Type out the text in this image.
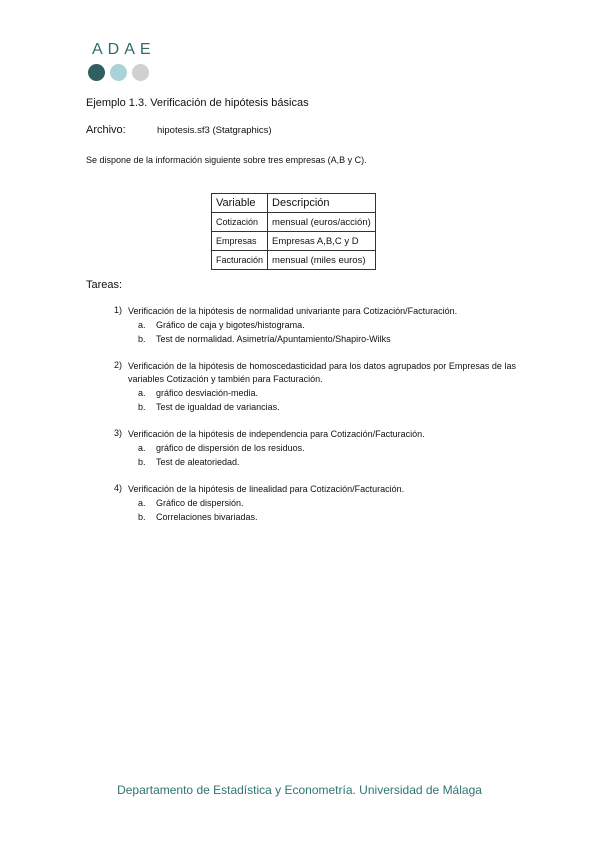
ADAE
Ejemplo 1.3. Verificación de hipótesis básicas
Archivo:	hipotesis.sf3 (Statgraphics)
Se dispone de la información siguiente sobre tres empresas (A,B y C).
Variable	Descripción
Cotización	mensual (euros/acción)
Empresas	Empresas A,B,C y D
Facturación	mensual (miles euros)
Tareas:
1) Verificación de la hipótesis de normalidad univariante para Cotización/Facturación.
a.	Gráfico de caja y bigotes/histograma.
b.	Test de normalidad. Asimetría/Apuntamiento/Shapiro-Wilks
2) Verificación de la hipótesis de homoscedasticidad para los datos agrupados por Empresas de las variables Cotización y también para Facturación.
a.	gráfico desviación-media.
b.	Test de igualdad de variancias.
3) Verificación de la hipótesis de independencia para Cotización/Facturación.
a.	gráfico de dispersión de los residuos.
b.	Test de aleatoriedad.
4) Verificación de la hipótesis de linealidad para Cotización/Facturación.
a.	Gráfico de dispersión.
b.	Correlaciones bivariadas.
Departamento de Estadística y Econometría. Universidad de Málaga
